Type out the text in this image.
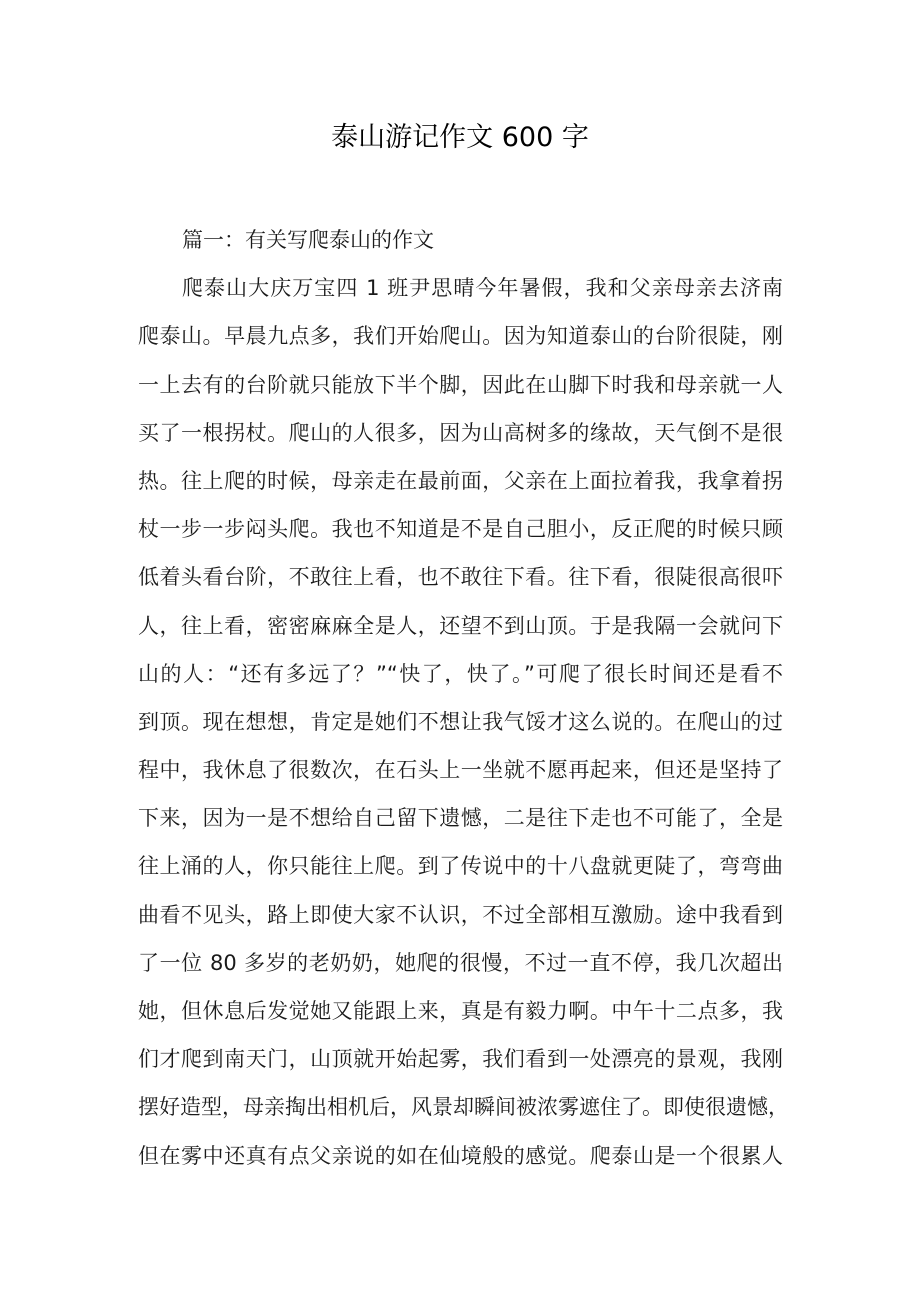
泰山游记作文 600 字
篇一：有关写爬泰山的作文
爬泰山大庆万宝四 1 班尹思晴今年暑假，我和父亲母亲去济南
爬泰山。早晨九点多，我们开始爬山。因为知道泰山的台阶很陡，刚
一上去有的台阶就只能放下半个脚，因此在山脚下时我和母亲就一人
买了一根拐杖。爬山的人很多，因为山高树多的缘故，天气倒不是很
热。往上爬的时候，母亲走在最前面，父亲在上面拉着我，我拿着拐
杖一步一步闷头爬。我也不知道是不是自己胆小，反正爬的时候只顾
低着头看台阶，不敢往上看，也不敢往下看。往下看，很陡很高很吓
人，往上看，密密麻麻全是人，还望不到山顶。于是我隔一会就问下
山的人：“还有多远了？”“快了，快了。”可爬了很长时间还是看不
到顶。现在想想，肯定是她们不想让我气馁才这么说的。在爬山的过
程中，我休息了很数次，在石头上一坐就不愿再起来，但还是坚持了
下来，因为一是不想给自己留下遗憾，二是往下走也不可能了，全是
往上涌的人，你只能往上爬。到了传说中的十八盘就更陡了，弯弯曲
曲看不见头，路上即使大家不认识，不过全部相互激励。途中我看到
了一位 80 多岁的老奶奶，她爬的很慢，不过一直不停，我几次超出
她，但休息后发觉她又能跟上来，真是有毅力啊。中午十二点多，我
们才爬到南天门，山顶就开始起雾，我们看到一处漂亮的景观，我刚
摆好造型，母亲掏出相机后，风景却瞬间被浓雾遮住了。即使很遗憾，
但在雾中还真有点父亲说的如在仙境般的感觉。爬泰山是一个很累人
